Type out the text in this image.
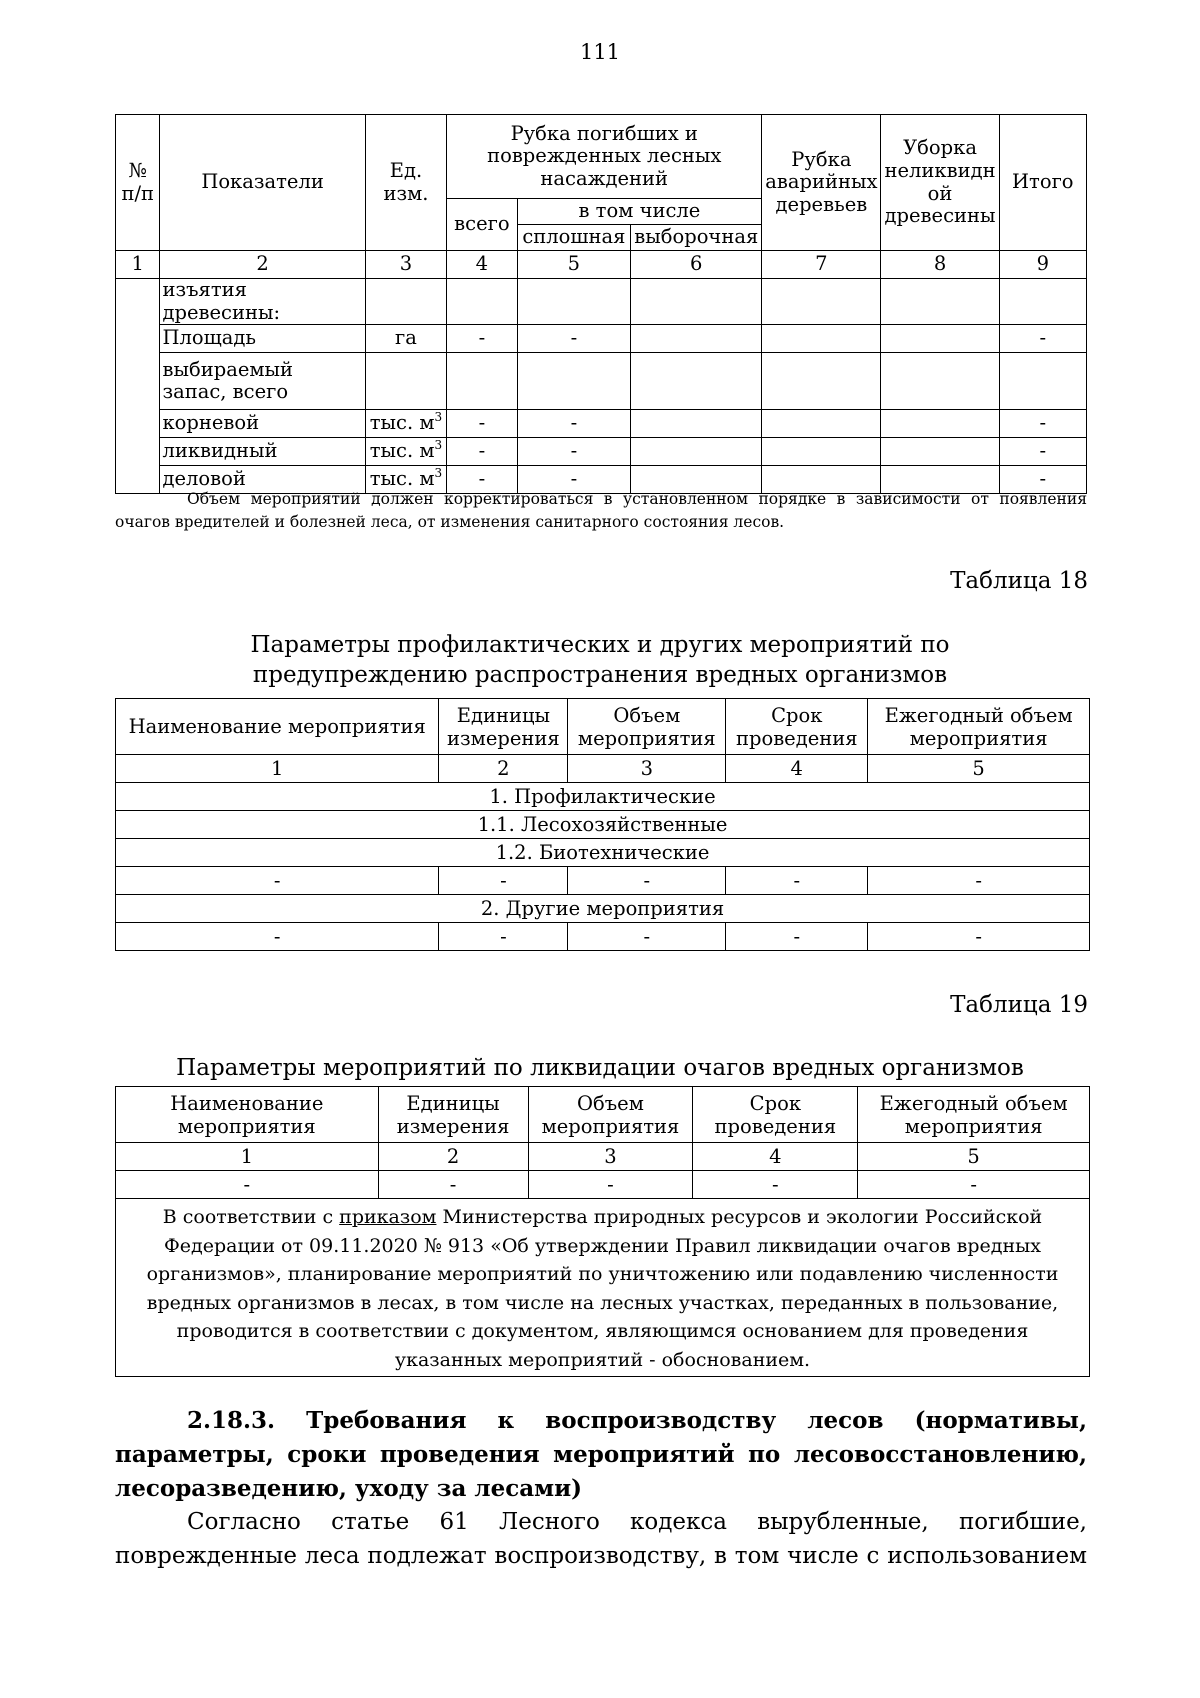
111
№ п/п	Показатели	Ед. изм.	Рубка погибших и поврежденных лесных насаждений			Рубка аварийных деревьев	Уборка неликвидн ой древесины	Итого
			всего	в том числе				
				сплошная	выборочная			
1	2	3	4	5	6	7	8	9
	изъятия древесины:							
	Площадь	га	-	-				-
	выбираемый запас, всего							
	корневой	тыс. $м^3$	-	-				-
	ликвидный	тыс. $м^3$	-	-				-
	деловой	тыс. $м^3$	-	-				-
Объем мероприятий должен корректироваться в установленном порядке в зависимости от появления очагов вредителей и болезней леса, от изменения санитарного состояния лесов.
Таблица 18
Параметры профилактических и других мероприятий по
предупреждению распространения вредных организмов
Наименование мероприятия	Единицы измерения	Объем мероприятия	Срок проведения	Ежегодный объем мероприятия
1	2	3	4	5
1. Профилактические				
1.1. Лесохозяйственные				
1.2. Биотехнические				
-	-	-	-	-
2. Другие мероприятия				
-	-	-	-	-
Таблица 19
Параметры мероприятий по ликвидации очагов вредных организмов
Наименование мероприятия	Единицы измерения	Объем мероприятия	Срок проведения	Ежегодный объем мероприятия
1	2	3	4	5
-	-	-	-	-
В соответствии с приказом Министерства природных ресурсов и экологии Российской Федерации от 09.11.2020 № 913 «Об утверждении Правил ликвидации очагов вредных организмов», планирование мероприятий по уничтожению или подавлению численности вредных организмов в лесах, в том числе на лесных участках, переданных в пользование, проводится в соответствии с документом, являющимся основанием для проведения указанных мероприятий - обоснованием.				
2.18.3. Требования к воспроизводству лесов (нормативы, параметры, сроки проведения мероприятий по лесовосстановлению, лесоразведению, уходу за лесами)
Согласно статье 61 Лесного кодекса вырубленные, погибшие,
поврежденные леса подлежат воспроизводству, в том числе с использованием
